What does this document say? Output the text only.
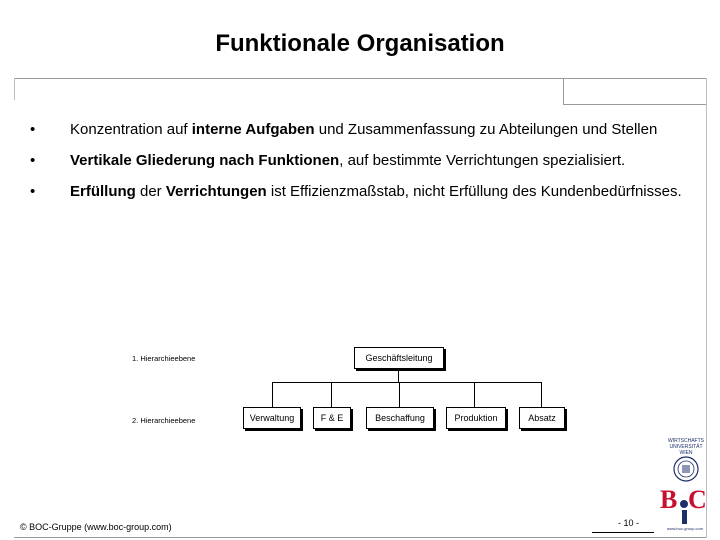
Funktionale Organisation
• Konzentration auf interne Aufgaben und Zusammenfassung zu Abteilungen und Stellen
• Vertikale Gliederung nach Funktionen, auf bestimmte Verrichtungen spezialisiert.
• Erfüllung der Verrichtungen ist Effizienzmaßstab, nicht Erfüllung des Kundenbedürfnisses.
1. Hierarchieebene
2. Hierarchieebene
Geschäftsleitung
Verwaltung	F & E	Beschaffung	Produktion	Absatz
© BOC-Gruppe (www.boc-group.com)	- 10 -
WIRTSCHAFTS
UNIVERSITÄT
WIEN
B C
www.boc-group.com
